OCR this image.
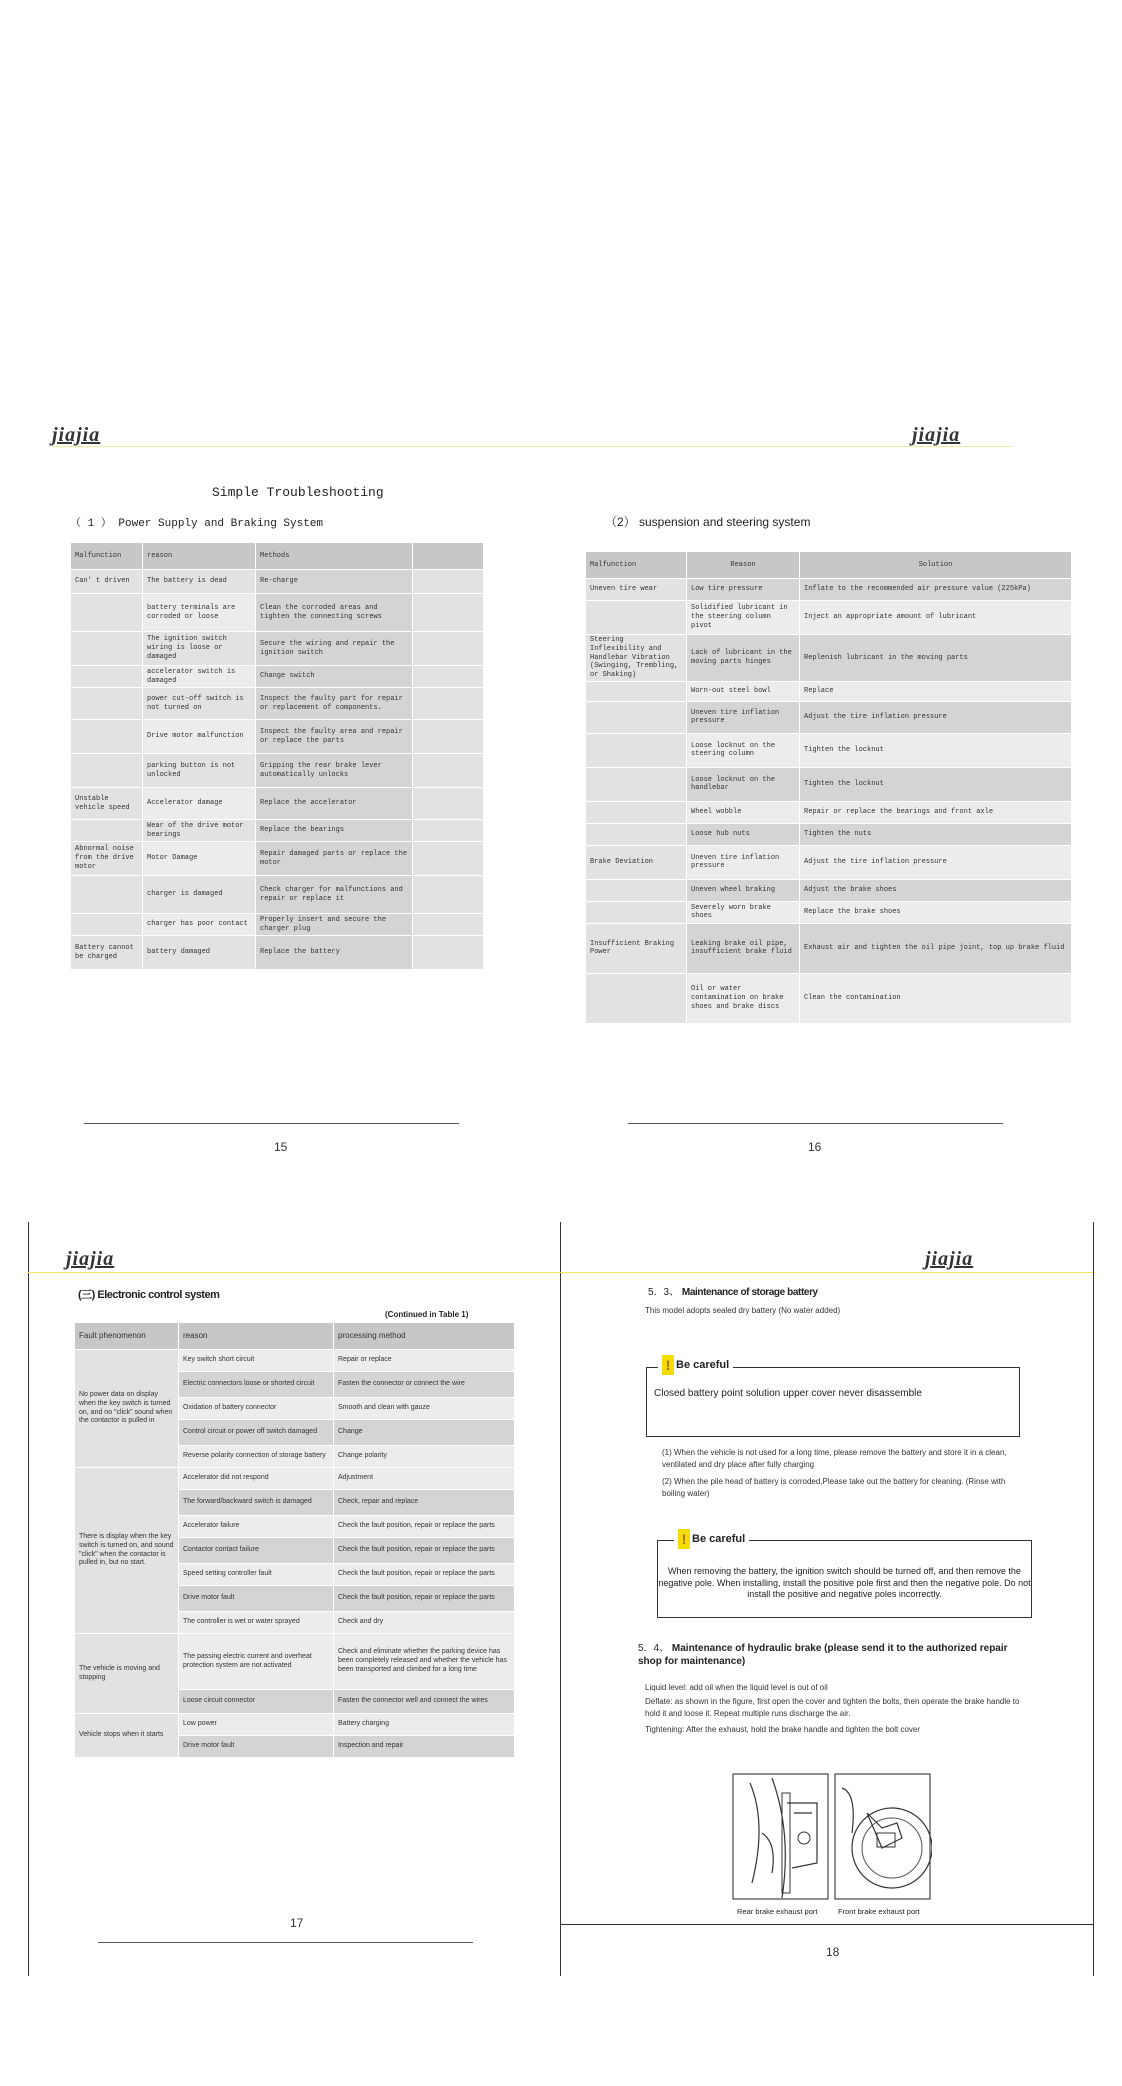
jiajia	jiajia
Simple Troubleshooting
（ 1 ） Power Supply and Braking System
Malfunction	reason	Methods	
Can' t driven	The battery is dead	Re-charge	
	battery terminals are corroded or loose	Clean the corroded areas and tighten the connecting screws	
	The ignition switch wiring is loose or damaged	Secure the wiring and repair the ignition switch	
	accelerator switch is damaged	Change switch	
	power cut-off switch is not turned on	Inspect the faulty part for repair or replacement of components.	
	Drive motor malfunction	Inspect the faulty area and repair or replace the parts	
	parking button is not unlocked	Gripping the rear brake lever automatically unlocks	
Unstable vehicle speed	Accelerator damage	Replace the accelerator	
	Wear of the drive motor bearings	Replace the bearings	
Abnormal noise from the drive motor	Motor Damage	Repair damaged parts or replace the motor	
	charger is damaged	Check charger for malfunctions and repair or replace it	
	charger has poor contact	Properly insert and secure the charger plug	
Battery cannot be charged	battery damaged	Replace the battery	
15
（2） suspension and steering system
Malfunction	Reason	Solution
Uneven tire wear	Low tire pressure	Inflate to the recommended air pressure value (225kPa)
	Solidified lubricant in the steering column pivot	Inject an appropriate amount of lubricant
Steering Inflexibility and Handlebar Vibration (Swinging, Trembling, or Shaking)	Lack of lubricant in the moving parts hinges	Replenish lubricant in the moving parts
	Worn-out steel bowl	Replace
	Uneven tire inflation pressure	Adjust the tire inflation pressure
	Loose locknut on the steering column	Tighten the locknut
	Loose locknut on the handlebar	Tighten the locknut
	Wheel wobble	Repair or replace the bearings and front axle
	Loose hub nuts	Tighten the nuts
Brake Deviation	Uneven tire inflation pressure	Adjust the tire inflation pressure
	Uneven wheel braking	Adjust the brake shoes
	Severely worn brake shoes	Replace the brake shoes
Insufficient Braking Power	Leaking brake oil pipe, insufficient brake fluid	Exhaust air and tighten the oil pipe joint, top up brake fluid
	Oil or water contamination on brake shoes and brake discs	Clean the contamination
16
jiajia	jiajia
(三) Electronic control system
(Continued in Table 1)
Fault phenomenon	reason	processing method
No power data on display when the key switch is turned on, and no "click" sound when the contactor is pulled in	Key switch short circuit	Repair or replace
	Electric connectors loose or shorted circuit	Fasten the connector or connect the wire
	Oxidation of battery connector	Smooth and clean with gauze
	Control circuit or power off switch damaged	Change
	Reverse polarity connection of storage battery	Change polarity
There is display when the key switch is turned on, and sound "click" when the contactor is pulled in, but no start.	Accelerator did not respond	Adjustment
	The forward/backward switch is damaged	Check, repair and replace
	Accelerator failure	Check the fault position, repair or replace the parts
	Contactor contact failure	Check the fault position, repair or replace the parts
	Speed setting controller fault	Check the fault position, repair or replace the parts
	Drive motor fault	Check the fault position, repair or replace the parts
	The controller is wet or water sprayed	Check and dry
The vehicle is moving and stopping	The passing electric current and overheat protection system are not activated	Check and eliminate whether the parking device has been completely released and whether the vehicle has been transported and climbed for a long time
	Loose circuit connector	Fasten the connector well and connect the wires
Vehicle stops when it starts	Low power	Battery charging
	Drive motor fault	Inspection and repair
17
5．3、 Maintenance of storage battery
This model adopts sealed dry battery (No water added)
Closed battery point solution upper cover never disassemble
! Be careful
(1) When the vehicle is not used for a long time, please remove the battery and store it in a clean, ventilated and dry place after fully charging
(2) When the pile head of battery is corroded,Please take out the battery for cleaning. (Rinse with boiling water)
When removing the battery, the ignition switch should be turned off, and then remove the negative pole. When installing, install the positive pole first and then the negative pole. Do not install the positive and negative poles incorrectly.
! Be careful
5．4、 Maintenance of hydraulic brake (please send it to the authorized repair shop for maintenance)
Liquid level: add oil when the liquid level is out of oil
Deflate: as shown in the figure, first open the cover and tighten the bolts, then operate the brake handle to hold it and loose it. Repeat multiple runs discharge the air.
Tightening: After the exhaust, hold the brake handle and tighten the bolt cover
Rear brake exhaust port	Front brake exhaust port
18
